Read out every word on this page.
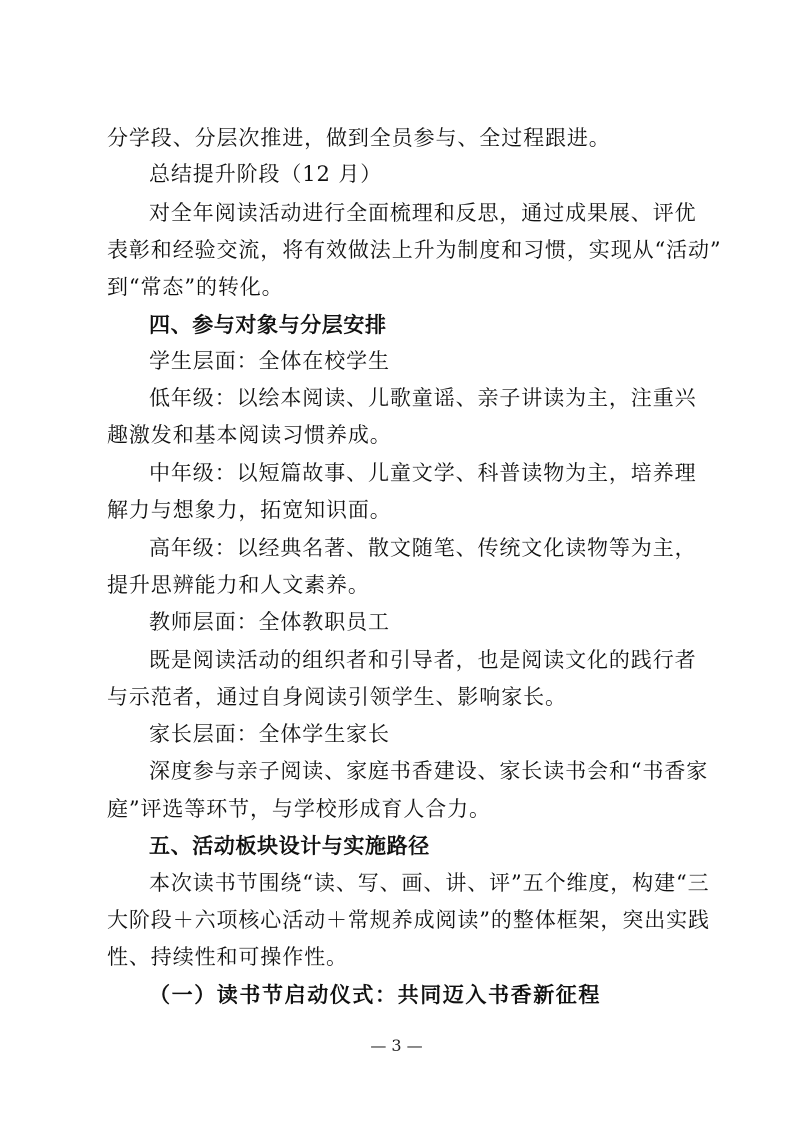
分学段、分层次推进，做到全员参与、全过程跟进。
总结提升阶段（12 月）
对全年阅读活动进行全面梳理和反思，通过成果展、评优
表彰和经验交流，将有效做法上升为制度和习惯，实现从“活动”
到“常态”的转化。
四、参与对象与分层安排
学生层面：全体在校学生
低年级：以绘本阅读、儿歌童谣、亲子讲读为主，注重兴
趣激发和基本阅读习惯养成。
中年级：以短篇故事、儿童文学、科普读物为主，培养理
解力与想象力，拓宽知识面。
高年级：以经典名著、散文随笔、传统文化读物等为主，
提升思辨能力和人文素养。
教师层面：全体教职员工
既是阅读活动的组织者和引导者，也是阅读文化的践行者
与示范者，通过自身阅读引领学生、影响家长。
家长层面：全体学生家长
深度参与亲子阅读、家庭书香建设、家长读书会和“书香家
庭”评选等环节，与学校形成育人合力。
五、活动板块设计与实施路径
本次读书节围绕“读、写、画、讲、评”五个维度，构建“三
大阶段＋六项核心活动＋常规养成阅读”的整体框架，突出实践
性、持续性和可操作性。
（一）读书节启动仪式：共同迈入书香新征程
— 3 —
